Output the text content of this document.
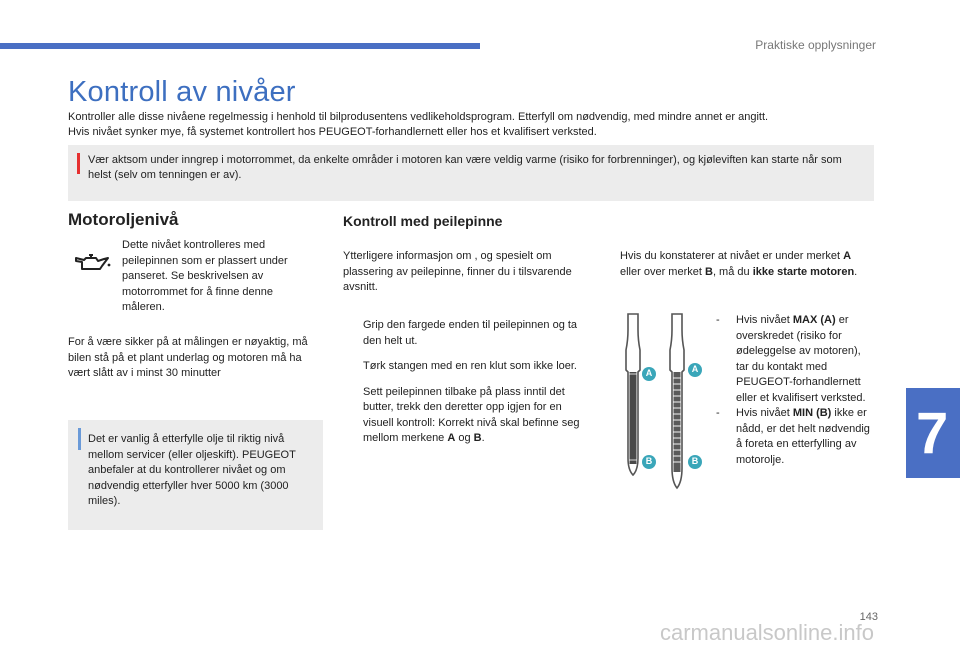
Praktiske opplysninger
Kontroll av nivåer
Kontroller alle disse nivåene regelmessig i henhold til bilprodusentens vedlikeholdsprogram. Etterfyll om nødvendig, med mindre annet er angitt.
Hvis nivået synker mye, få systemet kontrollert hos PEUGEOT-forhandlernett eller hos et kvalifisert verksted.
Vær aktsom under inngrep i motorrommet, da enkelte områder i motoren kan være veldig varme (risiko for forbrenninger), og kjøleviften kan starte når som helst (selv om tenningen er av).
Motoroljenivå
Dette nivået kontrolleres med peilepinnen som er plassert under panseret. Se beskrivelsen av motorrommet for å finne denne måleren.
For å være sikker på at målingen er nøyaktig, må bilen stå på et plant underlag og motoren må ha vært slått av i minst 30 minutter
Det er vanlig å etterfylle olje til riktig nivå mellom servicer (eller oljeskift). PEUGEOT anbefaler at du kontrollerer nivået og om nødvendig etterfyller hver 5000 km (3000 miles).
Kontroll med peilepinne
Ytterligere informasjon om , og spesielt om plassering av peilepinne, finner du i tilsvarende avsnitt.
Grip den fargede enden til peilepinnen og ta den helt ut.
Tørk stangen med en ren klut som ikke loer.
Sett peilepinnen tilbake på plass inntil det butter, trekk den deretter opp igjen for en visuell kontroll: Korrekt nivå skal befinne seg mellom merkene A og B.
Hvis du konstaterer at nivået er under merket A eller over merket B, må du ikke starte motoren.
A	A
B	B
-	Hvis nivået MAX (A) er overskredet (risiko for ødeleggelse av motoren), tar du kontakt med PEUGEOT-forhandlernett eller et kvalifisert verksted.
-	Hvis nivået MIN (B) ikke er nådd, er det helt nødvendig å foreta en etterfylling av motorolje.	7
143
carmanualsonline.info
